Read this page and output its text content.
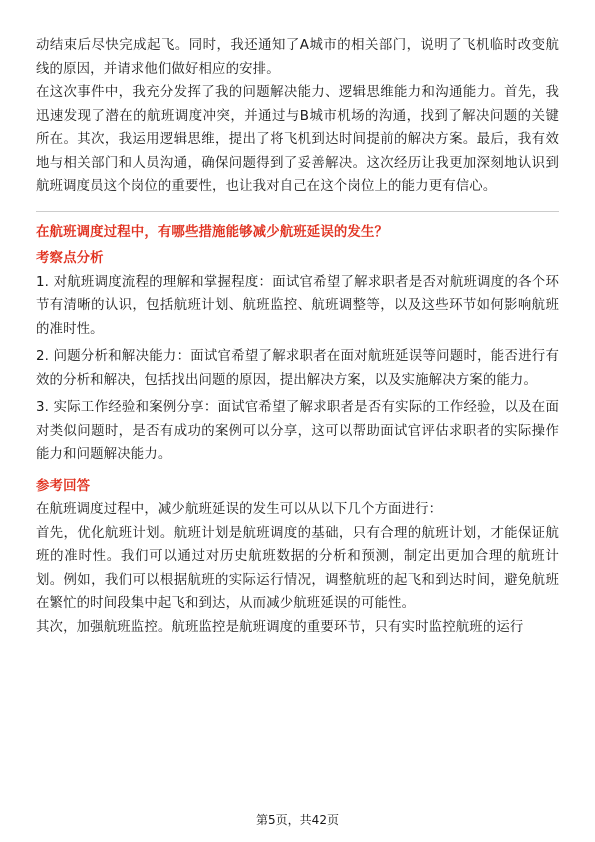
动结束后尽快完成起飞。同时，我还通知了A城市的相关部门，说明了飞机临时改变航线的原因，并请求他们做好相应的安排。

在这次事件中，我充分发挥了我的问题解决能力、逻辑思维能力和沟通能力。首先，我迅速发现了潜在的航班调度冲突，并通过与B城市机场的沟通，找到了解决问题的关键所在。其次，我运用逻辑思维，提出了将飞机到达时间提前的解决方案。最后，我有效地与相关部门和人员沟通，确保问题得到了妥善解决。这次经历让我更加深刻地认识到航班调度员这个岗位的重要性，也让我对自己在这个岗位上的能力更有信心。

在航班调度过程中，有哪些措施能够减少航班延误的发生？
考察点分析

1. 对航班调度流程的理解和掌握程度：面试官希望了解求职者是否对航班调度的各个环节有清晰的认识，包括航班计划、航班监控、航班调整等，以及这些环节如何影响航班的准时性。

2. 问题分析和解决能力：面试官希望了解求职者在面对航班延误等问题时，能否进行有效的分析和解决，包括找出问题的原因，提出解决方案，以及实施解决方案的能力。

3. 实际工作经验和案例分享：面试官希望了解求职者是否有实际的工作经验，以及在面对类似问题时，是否有成功的案例可以分享，这可以帮助面试官评估求职者的实际操作能力和问题解决能力。

参考回答

在航班调度过程中，减少航班延误的发生可以从以下几个方面进行：

首先，优化航班计划。航班计划是航班调度的基础，只有合理的航班计划，才能保证航班的准时性。我们可以通过对历史航班数据的分析和预测，制定出更加合理的航班计划。例如，我们可以根据航班的实际运行情况，调整航班的起飞和到达时间，避免航班在繁忙的时间段集中起飞和到达，从而减少航班延误的可能性。

其次，加强航班监控。航班监控是航班调度的重要环节，只有实时监控航班的运行

第5页，共42页
